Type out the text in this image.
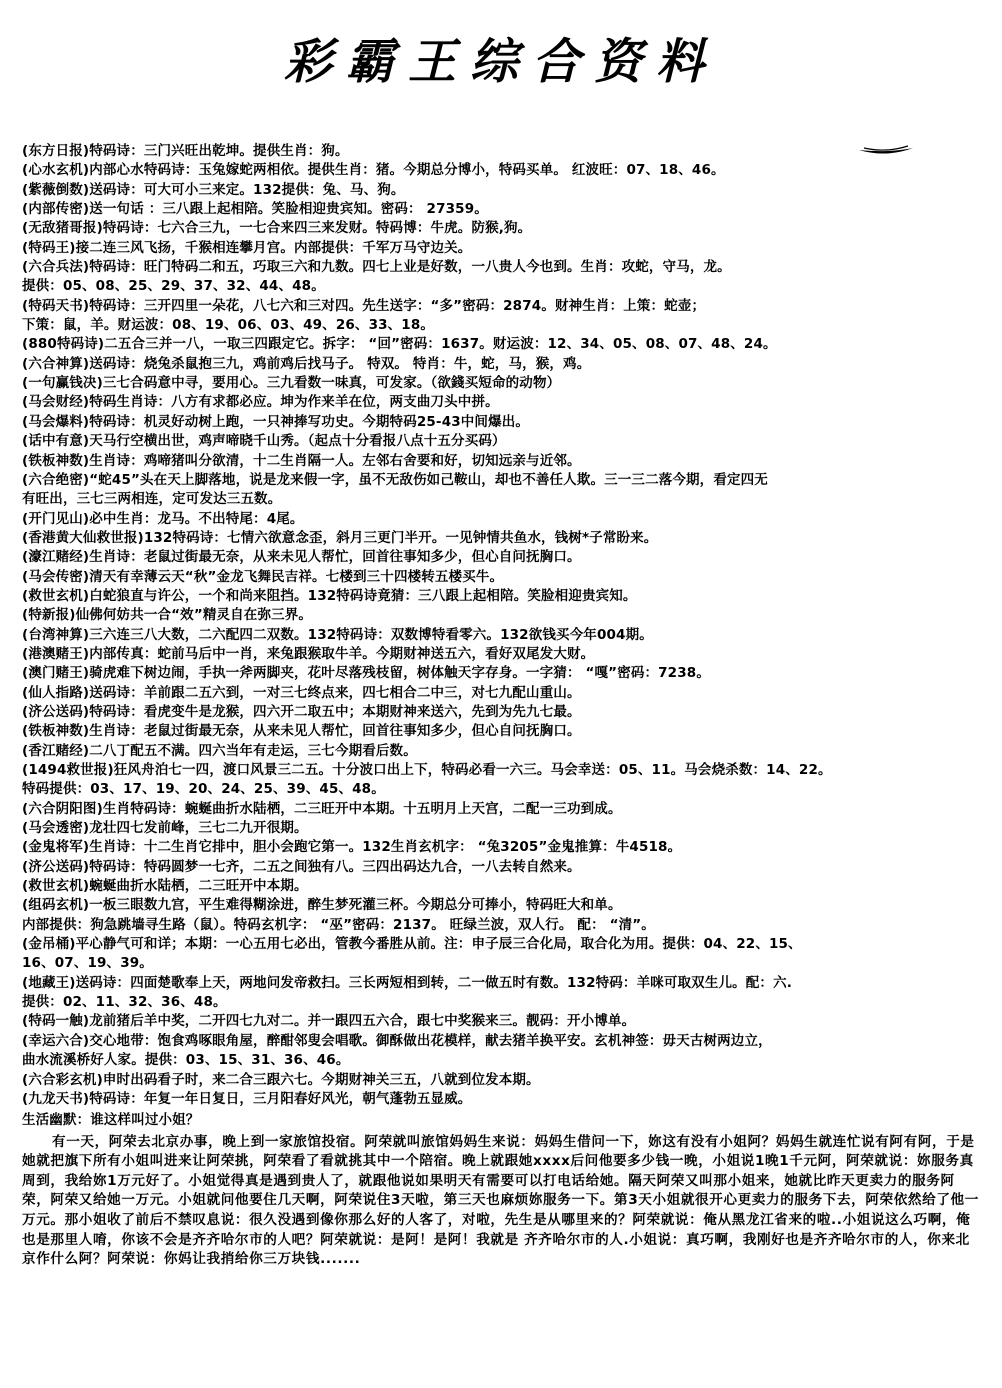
彩霸王综合资料
(东方日报)特码诗：三门兴旺出乾坤。提供生肖：狗。
(心水玄机)内部心水特码诗：玉兔嫁蛇两相依。提供生肖：猪。今期总分博小，特码买单。 红波旺：07、18、46。
(紫薇倒数)送码诗：可大可小三来定。132提供：兔、马、狗。
(内部传密)送一句话 ：三八跟上起相陪。笑脸相迎贵宾知。密码： 27359。
(无敌猪哥报)特码诗：七六合三九，一七合来四三来发财。特码博：牛虎。防猴,狗。
(特码王)接二连三风飞扬，千猴相连攀月宫。内部提供：千军万马守边关。
(六合兵法)特码诗：旺门特码二和五，巧取三六和九数。四七上业是好数，一八贵人今也到。生肖：攻蛇，守马，龙。
提供：05、08、25、29、37、32、44、48。
(特码天书)特码诗：三开四里一朵花，八七六和三对四。先生送字：“多”密码：2874。财神生肖：上策：蛇壶；
下策：鼠，羊。财运波：08、19、06、03、49、26、33、18。
(880特码诗)二五合三并一八，一取三四跟定它。拆字： “回”密码：1637。财运波：12、34、05、08、07、48、24。
(六合神算)送码诗：烧兔杀鼠抱三九，鸡前鸡后找马子。 特双。 特肖：牛，蛇，马，猴，鸡。
(一句赢钱决)三七合码意中寻，要用心。三九看数一味真，可发家。（欲錢买短命的动物）
(马会财经)特码生肖诗：八方有求都必应。坤为作来羊在位，两支曲刀头中拼。
(马会爆料)特码诗：机灵好动树上跑，一只神捧写功史。今期特码25-43中间爆出。
(话中有意)天马行空横出世，鸡声啼晓千山秀。（起点十分看报八点十五分买码）
(铁板神数)生肖诗：鸡啼猪叫分欲清，十二生肖隔一人。左邻右舍要和好，切知远亲与近邻。
(六合绝密)“蛇45”头在天上脚落地，说是龙来假一字，虽不无敌伤如己鞍山，却也不善任人欺。三一三二落今期，看定四无
有旺出，三七三两相连，定可发达三五数。
(开门见山)必中生肖：龙马。不出特尾：4尾。
(香港黄大仙救世报)132特码诗：七情六欲意念歪，斜月三更门半开。一见钟情共鱼水，钱树*子常盼来。
(濠江赌经)生肖诗：老鼠过街最无奈，从来未见人帮忙，回首往事知多少，但心自问抚胸口。
(马会传密)清天有幸薄云天“秋”金龙飞舞民吉祥。七楼到三十四楼转五楼买牛。
(救世玄机)白蛇狼直与许公，一个和尚来阻挡。132特码诗竟猜：三八跟上起相陪。笑脸相迎贵宾知。
(特新报)仙佛何妨共一合“效”精灵自在弥三界。
(台湾神算)三六连三八大数，二六配四二双数。132特码诗：双数博特看零六。132欲钱买今年004期。
(港澳赌王)内部传真：蛇前马后中一肖，来兔跟猴取牛羊。今期财神送五六，看好双尾发大财。
(澳门赌王)骑虎难下树边闹，手执一斧两脚夹，花叶尽落残枝留，树体触天字存身。一字猜： “嘎”密码：7238。
(仙人指路)送码诗：羊前跟二五六到，一对三七终点来，四七相合二中三，对七九配山重山。
(济公送码)特码诗：看虎变牛是龙猴，四六开二取五中；本期财神来送六，先到为先九七最。
(铁板神数)生肖诗：老鼠过街最无奈，从来未见人帮忙，回首往事知多少，但心自问抚胸口。
(香江赌经)二八丁配五不满。四六当年有走运，三七今期看后数。
(1494救世报)狂风舟泊七一四，渡口风景三二五。十分波口出上下，特码必看一六三。马会幸送：05、11。马会烧杀数：14、22。
特码提供：03、17、19、20、24、25、39、45、48。
(六合阴阳图)生肖特码诗：蜿蜒曲折水陆栖，二三旺开中本期。十五明月上天宫，二配一三功到成。
(马会透密)龙壮四七发前峰，三七二九开很期。
(金鬼将军)生肖诗：十二生肖它排中，胆小会跑它第一。132生肖玄机字： “兔3205”金鬼推算：牛4518。
(济公送码)特码诗：特码圆梦一七齐，二五之间独有八。三四出码达九合，一八去转自然来。
(救世玄机)蜿蜒曲折水陆栖，二三旺开中本期。
(组码玄机)一板三眼数九宫，平生难得糊涂进，醉生梦死灌三杯。今期总分可捧小，特码旺大和单。
内部提供：狗急跳墙寻生路（鼠）。特码玄机字： “巫”密码：2137。 旺绿兰波，双人行。 配： “清”。
(金吊桶)平心静气可和详；本期：一心五用七必出，管教今番胜从前。注：申子辰三合化局，取合化为用。提供：04、22、15、
16、07、19、39。
(地藏王)送码诗：四面楚歌奉上天，两地问发帝救扫。三长两短相到转，二一做五时有数。132特码：羊咪可取双生儿。配：六.
提供：02、11、32、36、48。
(特码一触)龙前猪后羊中奖，二开四七九对二。并一跟四五六合，跟七中奖猴来三。靓码：开小博单。
(幸运六合)交心地带：饱食鸡啄眼角屋，醉酣邻叟会唱歌。御酥做出花模样，献去猪羊换平安。玄机神签：毋天古树两边立，
曲水流溪桥好人家。提供：03、15、31、36、46。
(六合彩玄机)申时出码看子时，来二合三跟六七。今期财神关三五，八就到位发本期。
(九龙天书)特码诗：年复一年日复日，三月阳春好风光，朝气蓬勃五显威。
生活幽默：谁这样叫过小姐？
有一天，阿荣去北京办事，晚上到一家旅馆投宿。阿荣就叫旅馆妈妈生来说：妈妈生借问一下，妳这有没有小姐阿？妈妈生就连忙说有阿有阿，于是她就把旗下所有小姐叫进来让阿荣挑，阿荣看了看就挑其中一个陪宿。晚上就跟她xxxx后问他要多少钱一晚，小姐说1晚1千元阿，阿荣就说：妳服务真周到，我给妳1万元好了。小姐觉得真是遇到贵人了，就跟他说如果明天有需要可以打电话给她。隔天阿荣又叫那小姐来，她就比昨天更卖力的服务阿荣，阿荣又给她一万元。小姐就问他要住几天啊，阿荣说住3天啦，第三天也麻烦妳服务一下。第3天小姐就很开心更卖力的服务下去，阿荣依然给了他一万元。那小姐收了前后不禁叹息说：很久没遇到像你那么好的人客了，对啦，先生是从哪里来的？阿荣就说：俺从黑龙江省来的啦..小姐说这么巧啊，俺也是那里人唷，你该不会是齐齐哈尔市的人吧？阿荣就说：是阿！是阿！我就是 齐齐哈尔市的人.小姐说：真巧啊，我刚好也是齐齐哈尔市的人，你来北京作什么阿？阿荣说：你妈让我捎给你三万块钱.......
